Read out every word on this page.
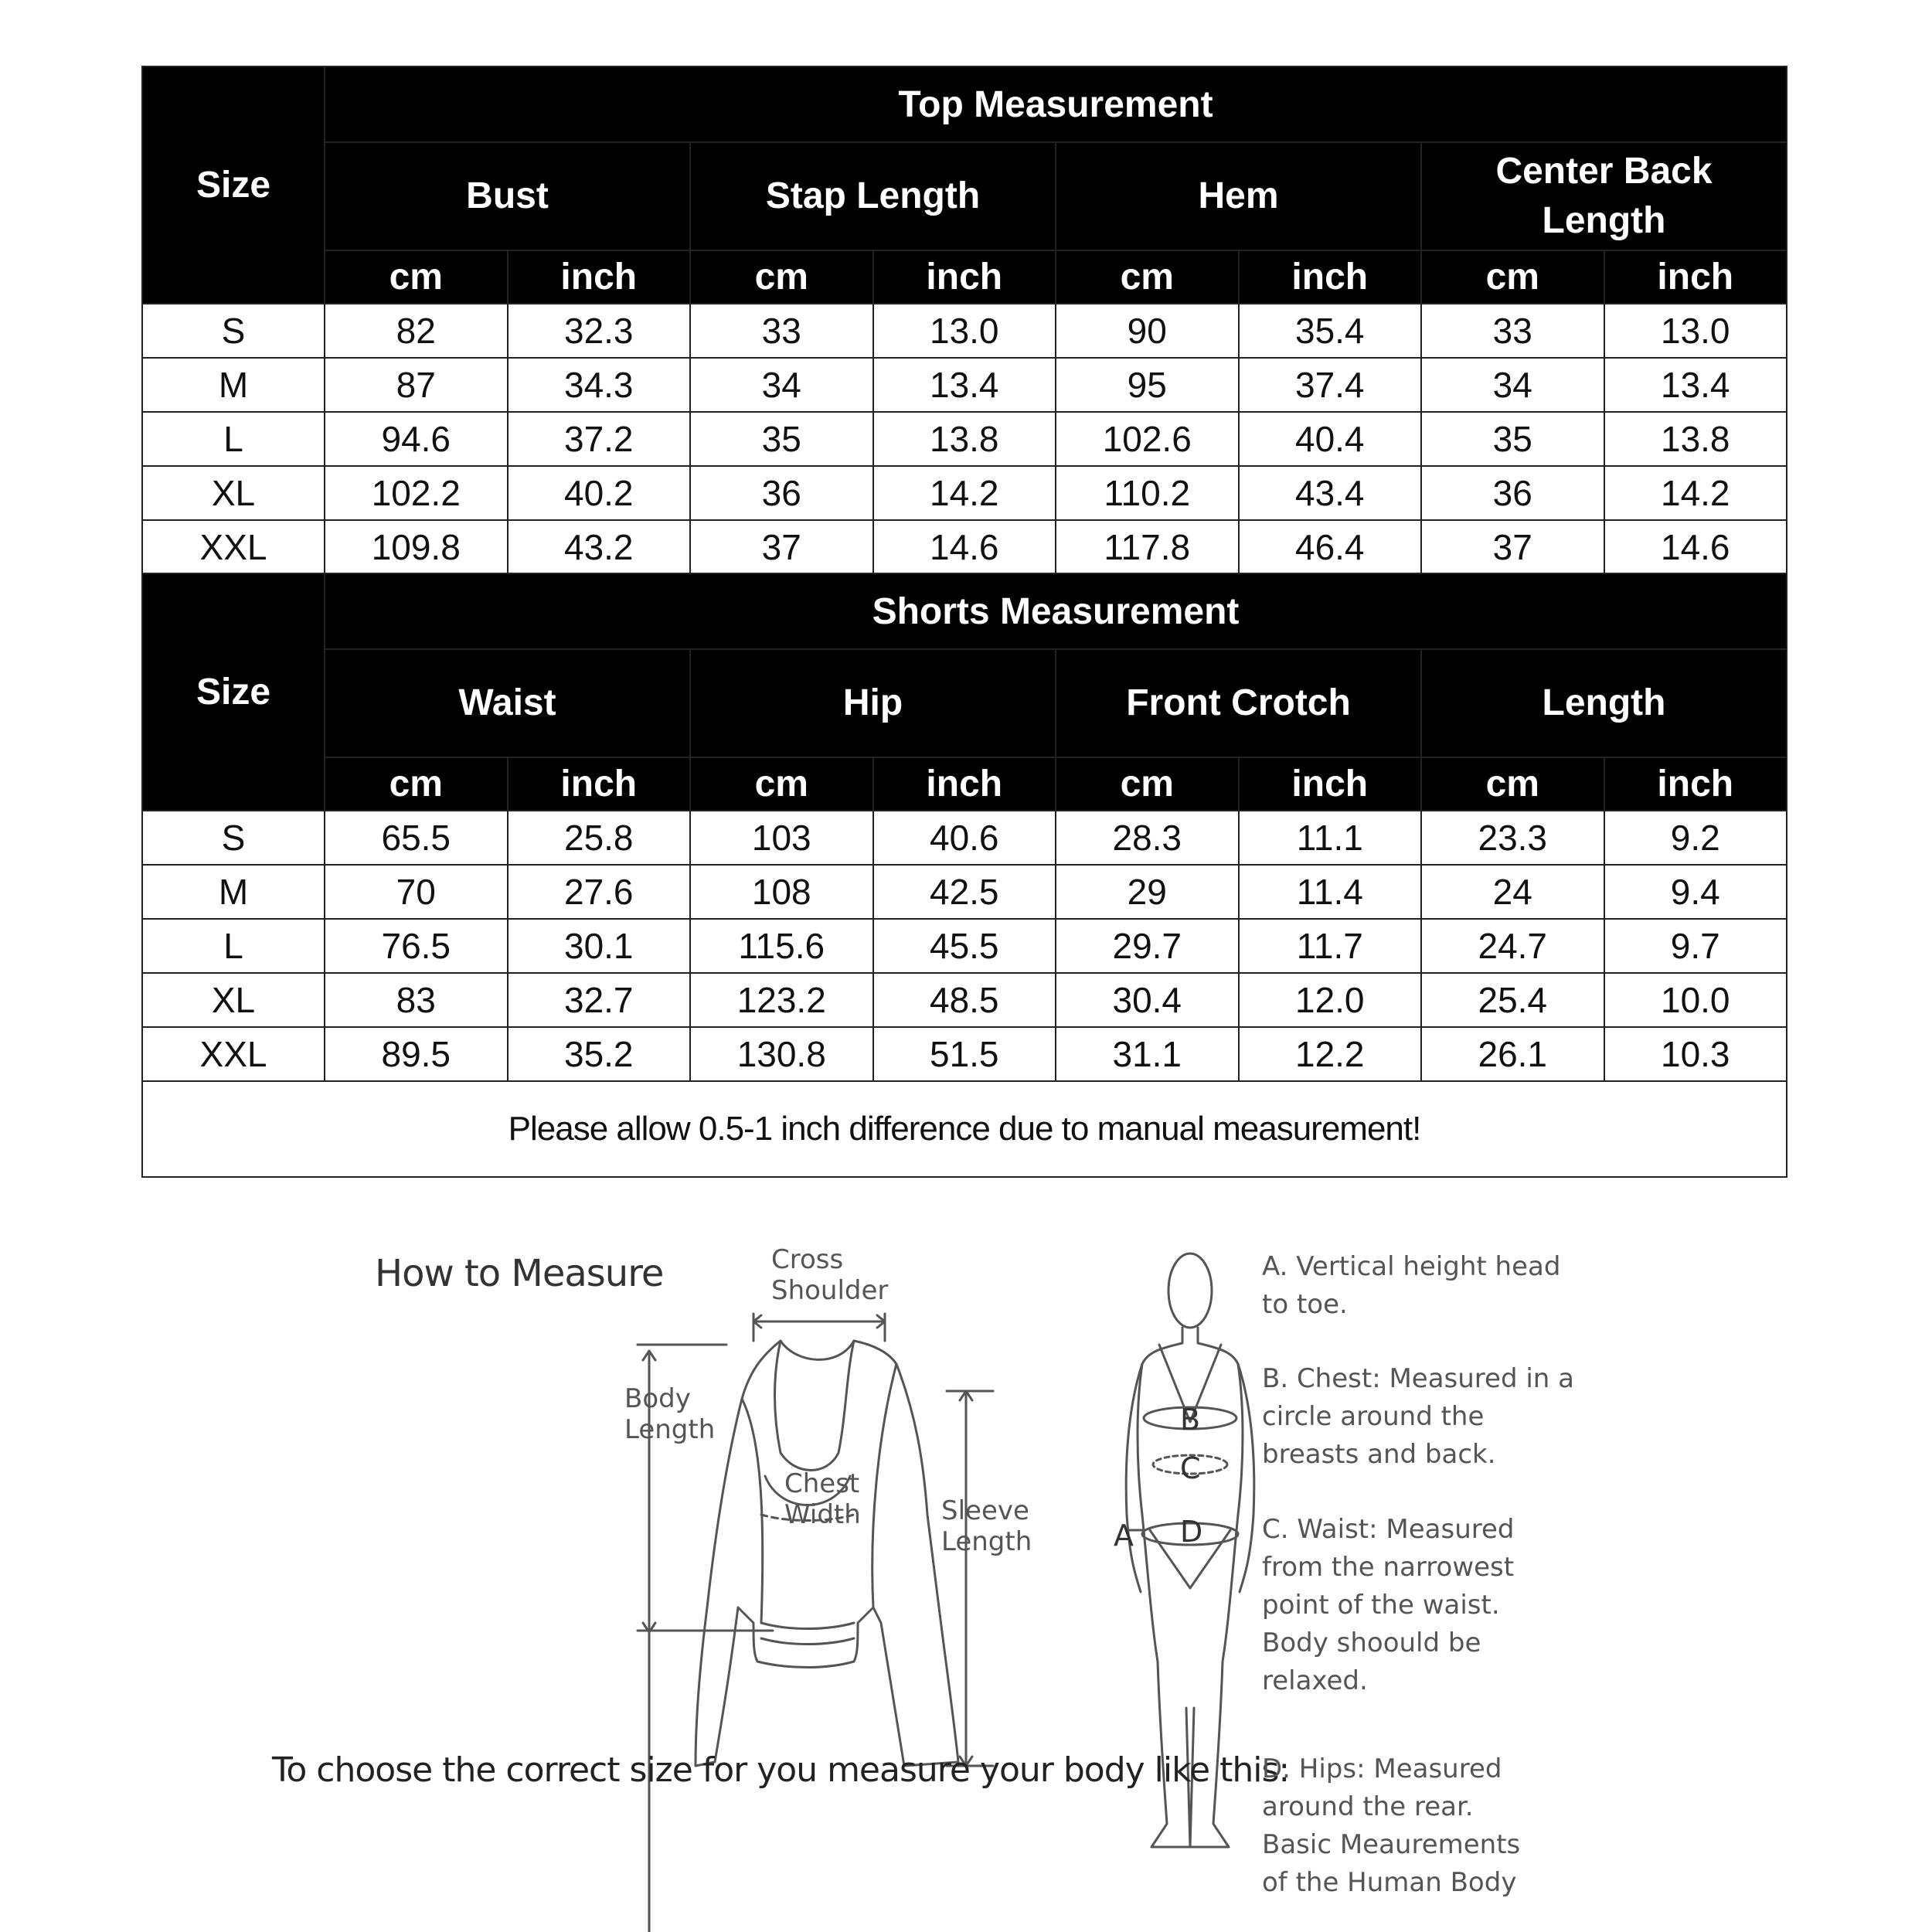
Size	Top Measurement							
	Bust		Stap Length		Hem		Center Back Length	
	cm	inch	cm	inch	cm	inch	cm	inch
S	82	32.3	33	13.0	90	35.4	33	13.0
M	87	34.3	34	13.4	95	37.4	34	13.4
L	94.6	37.2	35	13.8	102.6	40.4	35	13.8
XL	102.2	40.2	36	14.2	110.2	43.4	36	14.2
XXL	109.8	43.2	37	14.6	117.8	46.4	37	14.6
Size	Shorts Measurement							
	Waist		Hip		Front Crotch		Length	
	cm	inch	cm	inch	cm	inch	cm	inch
S	65.5	25.8	103	40.6	28.3	11.1	23.3	9.2
M	70	27.6	108	42.5	29	11.4	24	9.4
L	76.5	30.1	115.6	45.5	29.7	11.7	24.7	9.7
XL	83	32.7	123.2	48.5	30.4	12.0	25.4	10.0
XXL	89.5	35.2	130.8	51.5	31.1	12.2	26.1	10.3
Please allow 0.5-1 inch difference due to manual measurement!								
How to Measure
To choose the correct size for you measure your body like this:
Cross
Shoulder
Body
Length
Chest
Width	Sleeve
Length	A
B
C
D
A. Vertical height head
to toe.
B. Chest: Measured in a
circle around the
breasts and back.
C. Waist: Measured
from the narrowest
point of the waist.
Body shoould be
relaxed.
D. Hips: Measured
around the rear.
Basic Meaurements
of the Human Body
